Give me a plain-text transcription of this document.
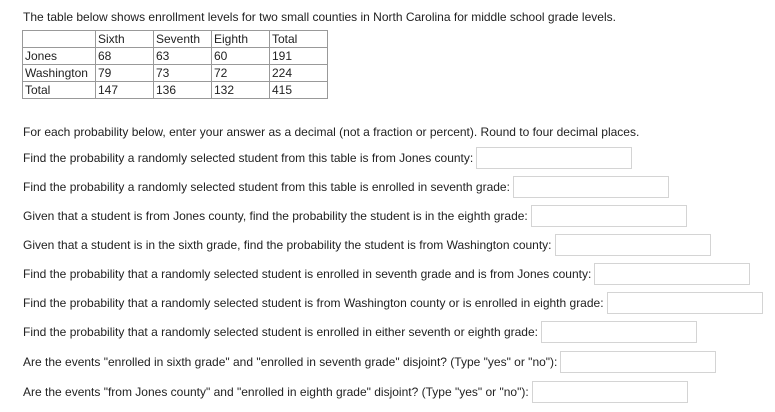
The table below shows enrollment levels for two small counties in North Carolina for middle school grade levels.
	Sixth	Seventh	Eighth	Total
Jones	68	63	60	191
Washington	79	73	72	224
Total	147	136	132	415
For each probability below, enter your answer as a decimal (not a fraction or percent). Round to four decimal places.
Find the probability a randomly selected student from this table is from Jones county:
Find the probability a randomly selected student from this table is enrolled in seventh grade:
Given that a student is from Jones county, find the probability the student is in the eighth grade:
Given that a student is in the sixth grade, find the probability the student is from Washington county:
Find the probability that a randomly selected student is enrolled in seventh grade and is from Jones county:
Find the probability that a randomly selected student is from Washington county or is enrolled in eighth grade:
Find the probability that a randomly selected student is enrolled in either seventh or eighth grade:
Are the events "enrolled in sixth grade" and "enrolled in seventh grade" disjoint? (Type "yes" or "no"):
Are the events "from Jones county" and "enrolled in eighth grade" disjoint? (Type "yes" or "no"):
